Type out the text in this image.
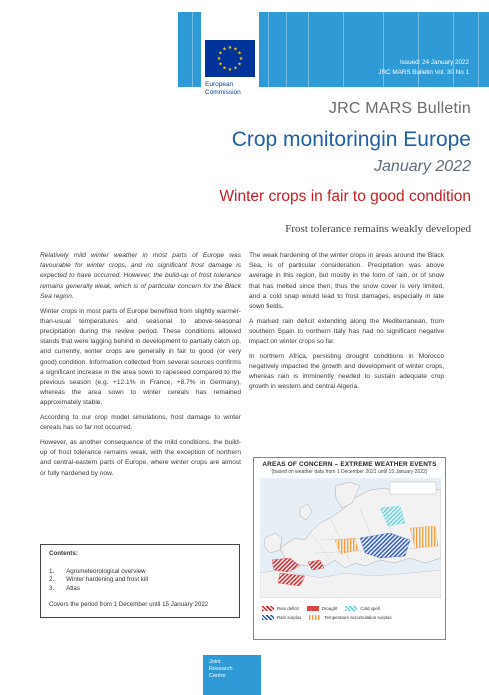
★ ★
★
★
★
★
★
★
★
★
★
★
European
Commission
Issued: 24 January 2022
JRC MARS Bulletin Vol. 30 No 1
JRC MARS Bulletin
Crop monitoringin Europe
January 2022
Winter crops in fair to good condition
Frost tolerance remains weakly developed

Relatively mild winter weather in most parts of Europe was favourable for winter crops, and no significant frost damage is expected to have occurred. However, the build-up of frost tolerance remains generally weak, which is of particular concern for the Black Sea region.

Winter crops in most parts of Europe benefited from slightly warmer-than-usual temperatures and seasonal to above-seasonal precipitation during the review period. These conditions allowed stands that were lagging behind in development to partially catch up, and currently, winter crops are generally in fair to good (or very good) condition. Information collected from several sources confirms a significant increase in the area sown to rapeseed compared to the previous season (e.g. +12.1% in France, +8.7% in Germany), whereas the area sown to winter cereals has remained approximately stable.

According to our crop model simulations, frost damage to winter cereals has so far not occurred.

However, as another consequence of the mild conditions, the build-up of frost tolerance remains weak, with the exception of northern and central-eastern parts of Europe, where winter crops are almost or fully hardened by now.

The weak hardening of the winter crops in areas around the Black Sea, is of particular consideration. Precipitation was above average in this region, but mostly in the form of rain, or of snow that has melted since then; thus the snow cover is very limited, and a cold snap would lead to frost damages, especially in late sown fields.

A marked rain deficit extending along the Mediterranean, from southern Spain to northern Italy has had no significant negative impact on winter crops so far.

In northern Africa, persisting drought conditions in Morocco negatively impacted the growth and development of winter crops, whereas rain is imminently needed to sustain adequate crop growth in western and central Algeria.

Contents:
1. Agrometeorological overview
2. Winter hardening and frost kill
3. Atlas
Covers the period from 1 December until 15 January 2022
AREAS OF CONCERN – EXTREME WEATHER EVENTS
(based on weather data from 1 December 2021 until 15 January 2022)
Rain deficit	Drought	Cold spell
Rain surplus	Temperature accumulation surplus
Joint
Research
Centre
